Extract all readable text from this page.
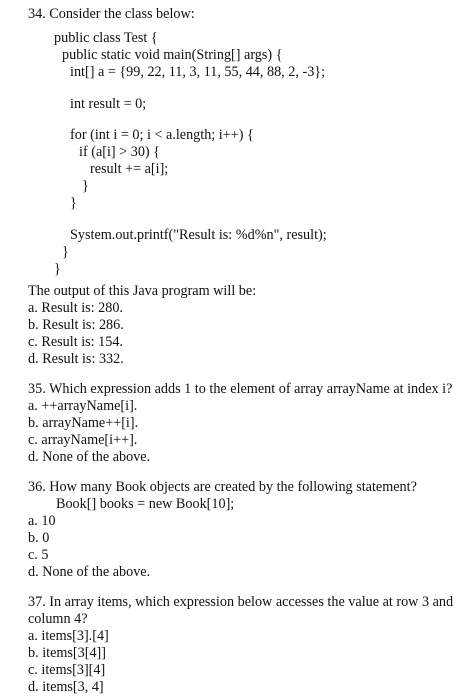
34. Consider the class below:
public class Test {
public static void main(String[] args) {
int[] a = {99, 22, 11, 3, 11, 55, 44, 88, 2, -3};
int result = 0;
for (int i = 0; i < a.length; i++) {
if (a[i] > 30) {
result += a[i];
}
}
System.out.printf("Result is: %d%n", result);
}
}
The output of this Java program will be:
a. Result is: 280.
b. Result is: 286.
c. Result is: 154.
d. Result is: 332.
35. Which expression adds 1 to the element of array arrayName at index i?
a. ++arrayName[i].
b. arrayName++[i].
c. arrayName[i++].
d. None of the above.
36. How many Book objects are created by the following statement?
Book[] books = new Book[10];
a. 10
b. 0
c. 5
d. None of the above.
37. In array items, which expression below accesses the value at row 3 and
column 4?
a. items[3].[4]
b. items[3[4]]
c. items[3][4]
d. items[3, 4]
